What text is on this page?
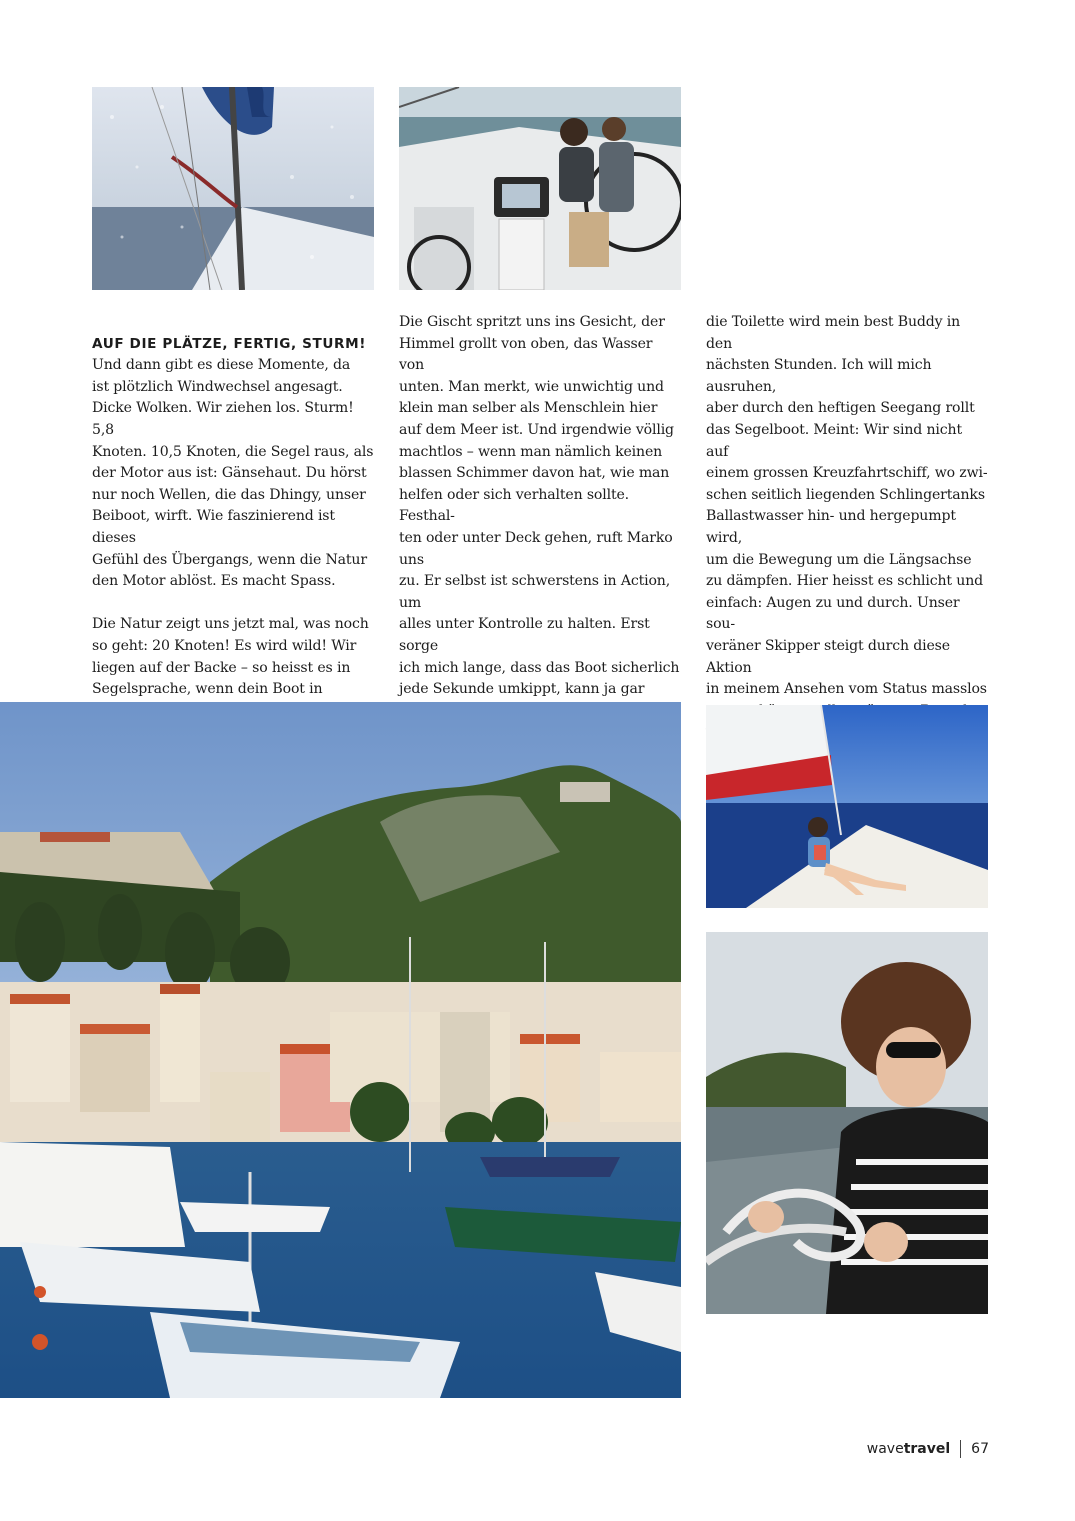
AUF DIE PLÄTZE, FERTIG, STURM!
Und dann gibt es diese Momente, da
ist plötzlich Windwechsel angesagt.
Dicke Wolken. Wir ziehen los. Sturm! 5,8
Knoten. 10,5 Knoten, die Segel raus, als
der Motor aus ist: Gänsehaut. Du hörst
nur noch Wellen, die das Dhingy, unser
Beiboot, wirft. Wie faszinierend ist dieses
Gefühl des Übergangs, wenn die Natur
den Motor ablöst. Es macht Spass.

Die Natur zeigt uns jetzt mal, was noch
so geht: 20 Knoten! Es wird wild! Wir
liegen auf der Backe – so heisst es in
Segelsprache, wenn dein Boot in

Die Gischt spritzt uns ins Gesicht, der
Himmel grollt von oben, das Wasser von
unten. Man merkt, wie unwichtig und
klein man selber als Menschlein hier
auf dem Meer ist. Und irgendwie völlig
machtlos – wenn man nämlich keinen
blassen Schimmer davon hat, wie man
helfen oder sich verhalten sollte. Festhal-
ten oder unter Deck gehen, ruft Marko uns
zu. Er selbst ist schwerstens in Action, um
alles unter Kontrolle zu halten. Erst sorge
ich mich lange, dass das Boot sicherlich
jede Sekunde umkippt, kann ja gar

die Toilette wird mein best Buddy in den
nächsten Stunden. Ich will mich ausruhen,
aber durch den heftigen Seegang rollt
das Segelboot. Meint: Wir sind nicht auf
einem grossen Kreuzfahrtschiff, wo zwi-
schen seitlich liegenden Schlingertanks
Ballastwasser hin- und hergepumpt wird,
um die Bewegung um die Längsachse
zu dämpfen. Hier heisst es schlicht und
einfach: Augen zu und durch. Unser sou-
veräner Skipper steigt durch diese Aktion
in meinem Ansehen vom Status masslos

wave travel 67
